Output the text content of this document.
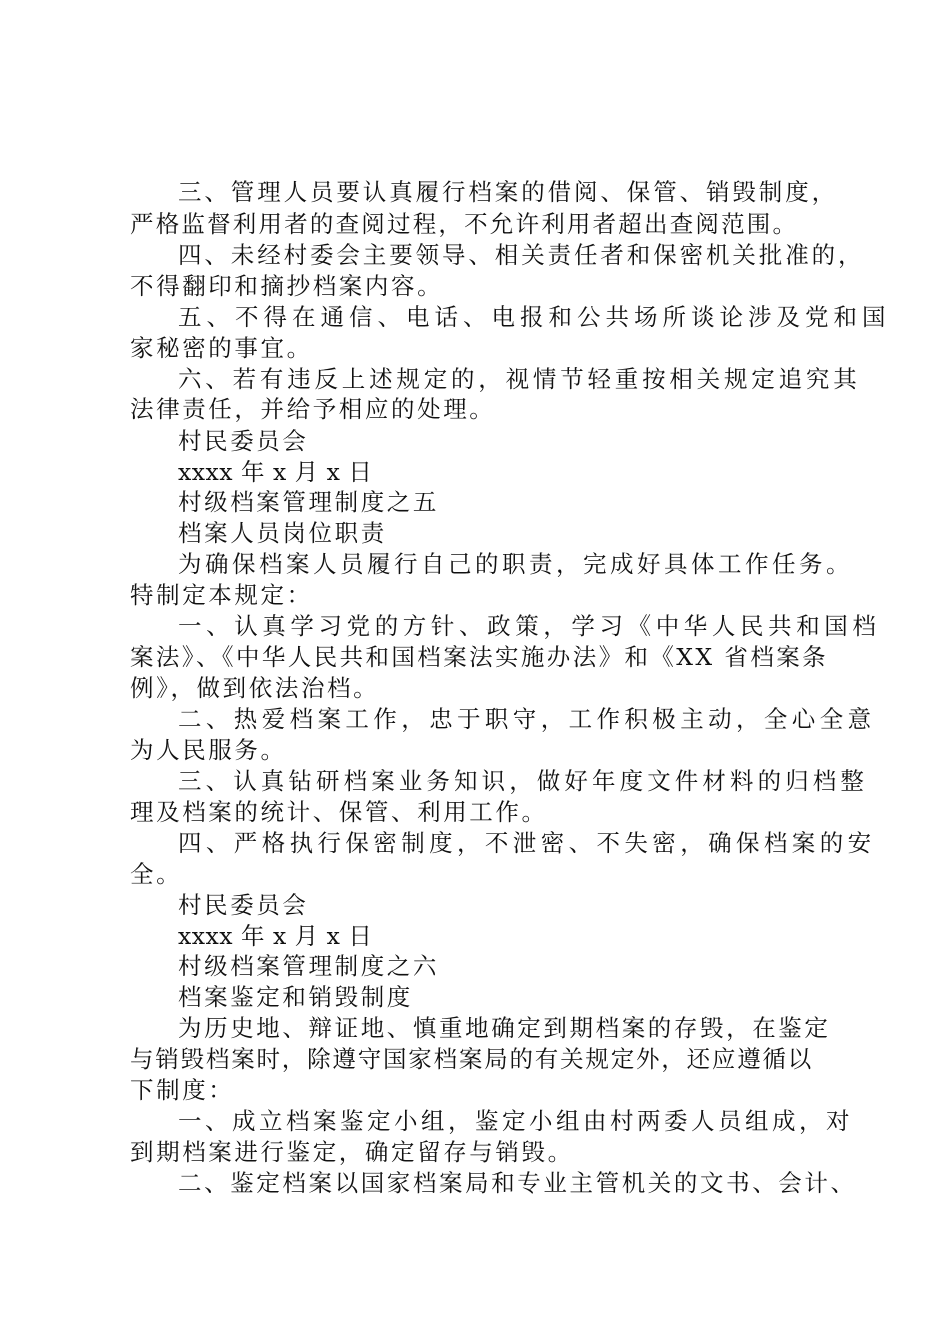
三、管理人员要认真履行档案的借阅、保管、销毁制度，
严格监督利用者的查阅过程，不允许利用者超出查阅范围。
四、未经村委会主要领导、相关责任者和保密机关批准的，
不得翻印和摘抄档案内容。
五、不得在通信、电话、电报和公共场所谈论涉及党和国
家秘密的事宜。
六、若有违反上述规定的，视情节轻重按相关规定追究其
法律责任，并给予相应的处理。
村民委员会
xxxx 年 x 月 x 日
村级档案管理制度之五
档案人员岗位职责
为确保档案人员履行自己的职责，完成好具体工作任务。
特制定本规定：
一、认真学习党的方针、政策，学习《中华人民共和国档
案法》、《中华人民共和国档案法实施办法》和《XX 省档案条
例》，做到依法治档。
二、热爱档案工作，忠于职守，工作积极主动，全心全意
为人民服务。
三、认真钻研档案业务知识，做好年度文件材料的归档整
理及档案的统计、保管、利用工作。
四、严格执行保密制度，不泄密、不失密，确保档案的安
全。
村民委员会
xxxx 年 x 月 x 日
村级档案管理制度之六
档案鉴定和销毁制度
为历史地、辩证地、慎重地确定到期档案的存毁，在鉴定
与销毁档案时，除遵守国家档案局的有关规定外，还应遵循以
下制度：
一、成立档案鉴定小组，鉴定小组由村两委人员组成，对
到期档案进行鉴定，确定留存与销毁。
二、鉴定档案以国家档案局和专业主管机关的文书、会计、
